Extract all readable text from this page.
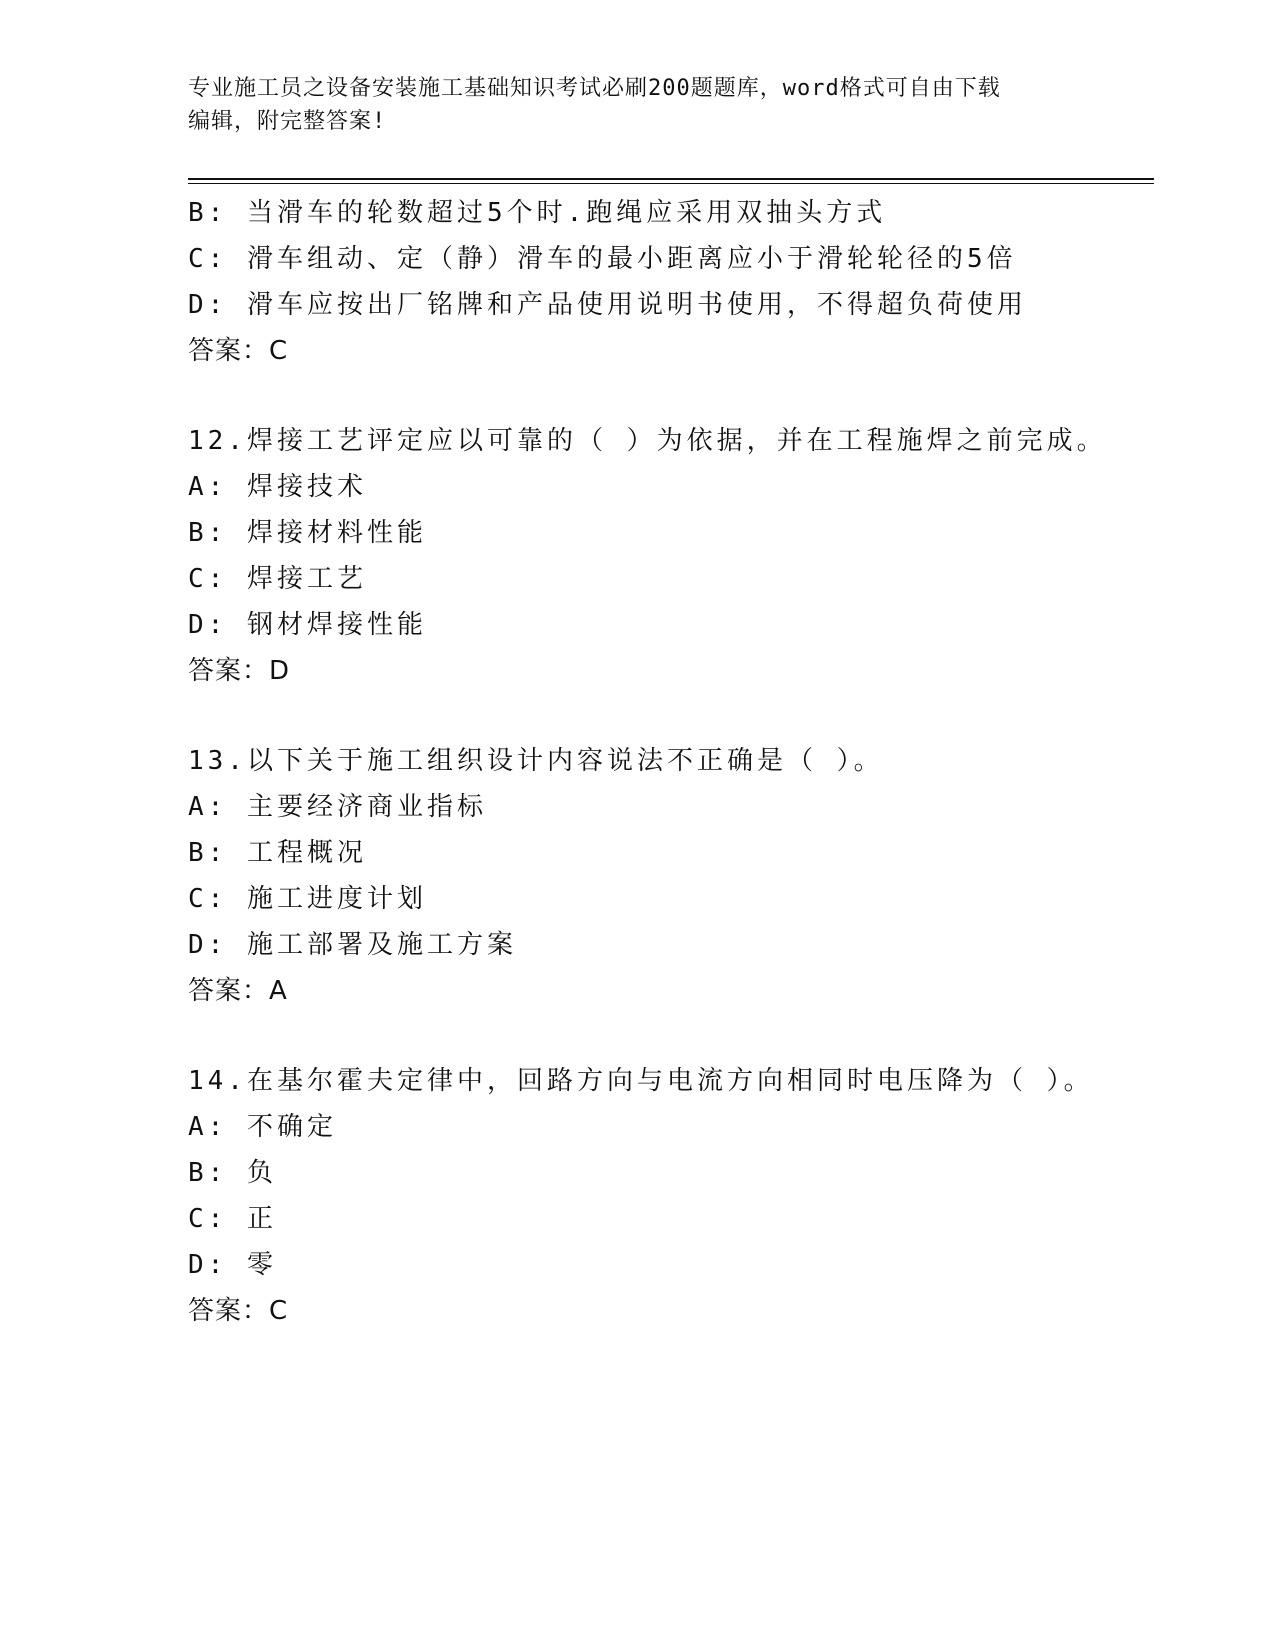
专业施工员之设备安装施工基础知识考试必刷200题题库，word格式可自由下载
编辑，附完整答案!
B: 当滑车的轮数超过5个时.跑绳应采用双抽头方式
C: 滑车组动、定（静）滑车的最小距离应小于滑轮轮径的5倍
D: 滑车应按出厂铭牌和产品使用说明书使用，不得超负荷使用
答案：C
12.焊接工艺评定应以可靠的（ ）为依据，并在工程施焊之前完成。
A: 焊接技术
B: 焊接材料性能
C: 焊接工艺
D: 钢材焊接性能
答案：D
13.以下关于施工组织设计内容说法不正确是（ ）。
A: 主要经济商业指标
B: 工程概况
C: 施工进度计划
D: 施工部署及施工方案
答案：A
14.在基尔霍夫定律中，回路方向与电流方向相同时电压降为（ ）。
A: 不确定
B: 负
C: 正
D: 零
答案：C
